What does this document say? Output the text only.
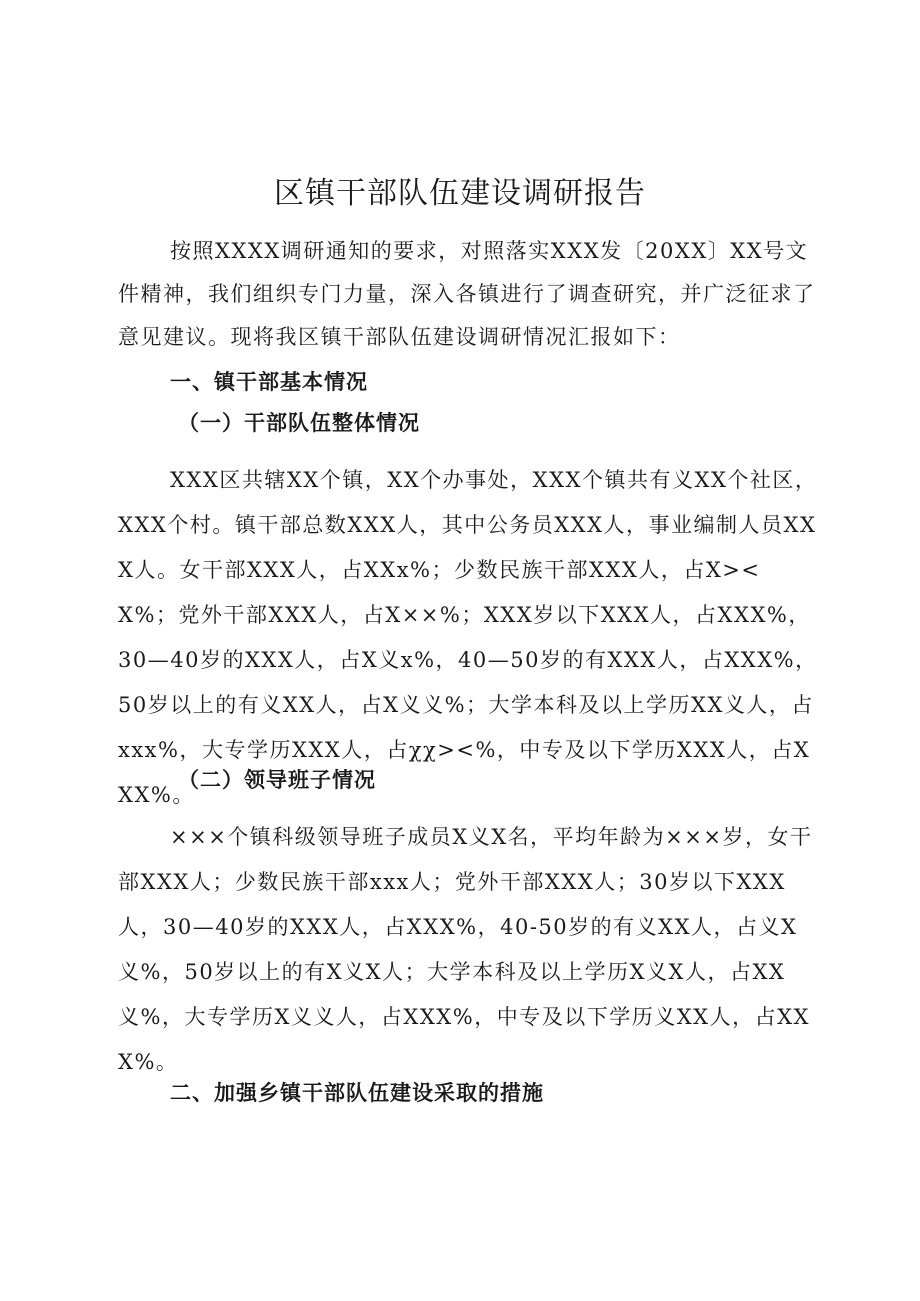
区镇干部队伍建设调研报告

按照XXXX调研通知的要求，对照落实XXX发〔20XX〕XX号文件精神，我们组织专门力量，深入各镇进行了调查研究，并广泛征求了意见建议。现将我区镇干部队伍建设调研情况汇报如下：

一、镇干部基本情况
（一）干部队伍整体情况

XXX区共辖XX个镇，XX个办事处，XXX个镇共有义XX个社区，XXX个村。镇干部总数XXX人，其中公务员XXX人，事业编制人员XXX人。女干部XXX人，占XXx%；少数民族干部XXX人，占X><X%；党外干部XXX人，占X××%；XXX岁以下XXX人，占XXX%，30—40岁的XXX人，占X义x%，40—50岁的有XXX人，占XXX%，50岁以上的有义XX人，占X义义%；大学本科及以上学历XX义人，占xxx%，大专学历XXX人，占χχ><%，中专及以下学历XXX人，占XXX%。

（二）领导班子情况

×××个镇科级领导班子成员X义X名，平均年龄为×××岁，女干部XXX人；少数民族干部xxx人；党外干部XXX人；30岁以下XXX人，30—40岁的XXX人，占XXX%，40-50岁的有义XX人，占义X义%，50岁以上的有X义X人；大学本科及以上学历X义X人，占XX义%，大专学历X义义人，占XXX%，中专及以下学历义XX人，占XXX%。

二、加强乡镇干部队伍建设采取的措施
